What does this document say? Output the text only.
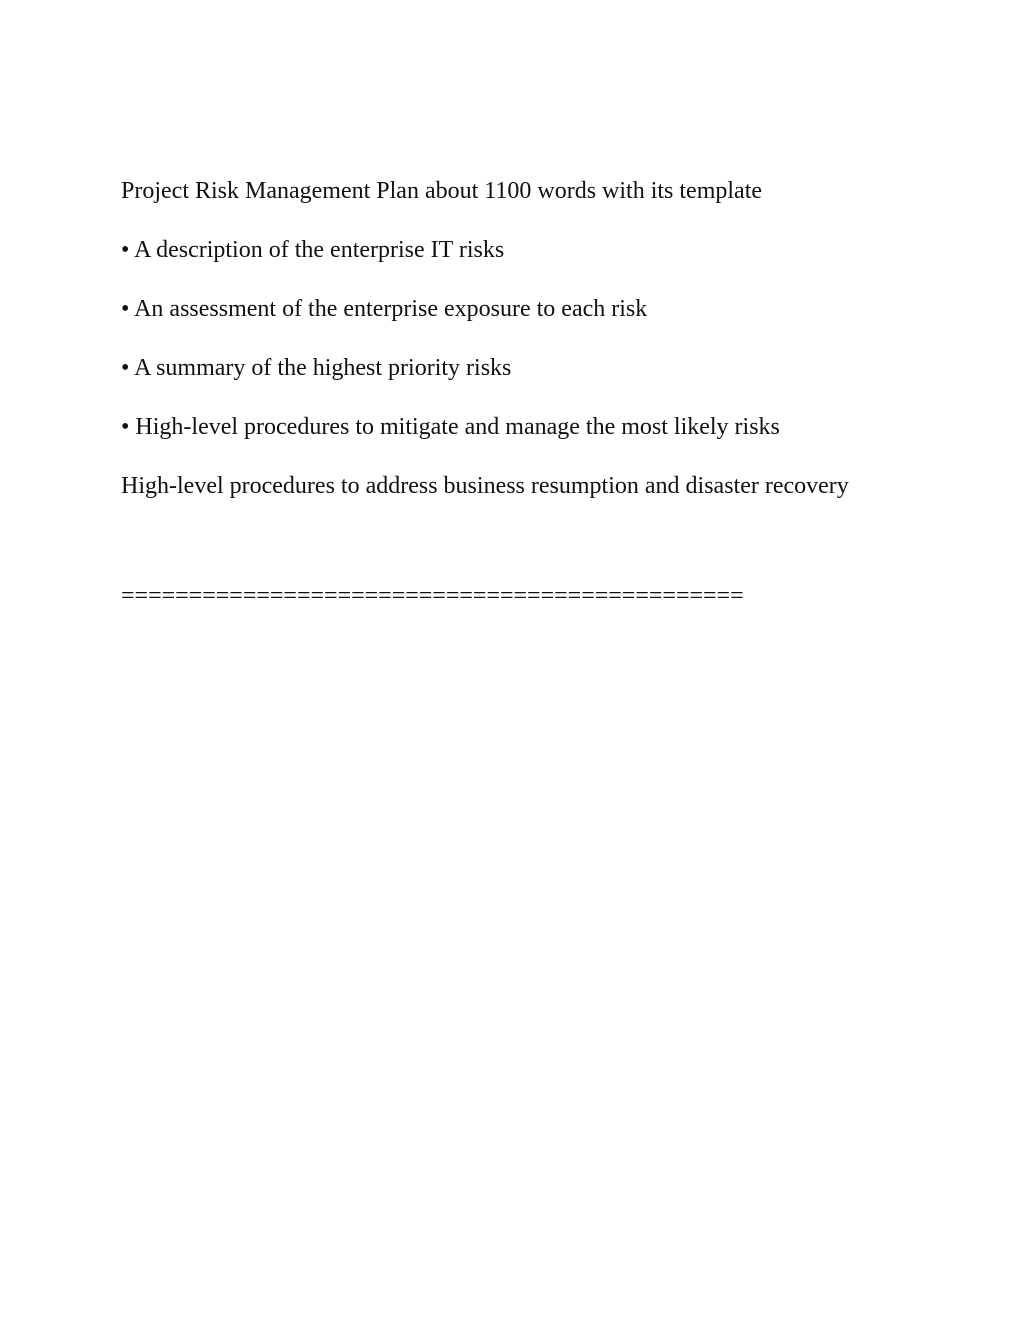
Project Risk Management Plan about 1100 words with its template

• A description of the enterprise IT risks

• An assessment of the enterprise exposure to each risk

• A summary of the highest priority risks

• High-level procedures to mitigate and manage the most likely risks

High-level procedures to address business resumption and disaster recovery

==============================================
